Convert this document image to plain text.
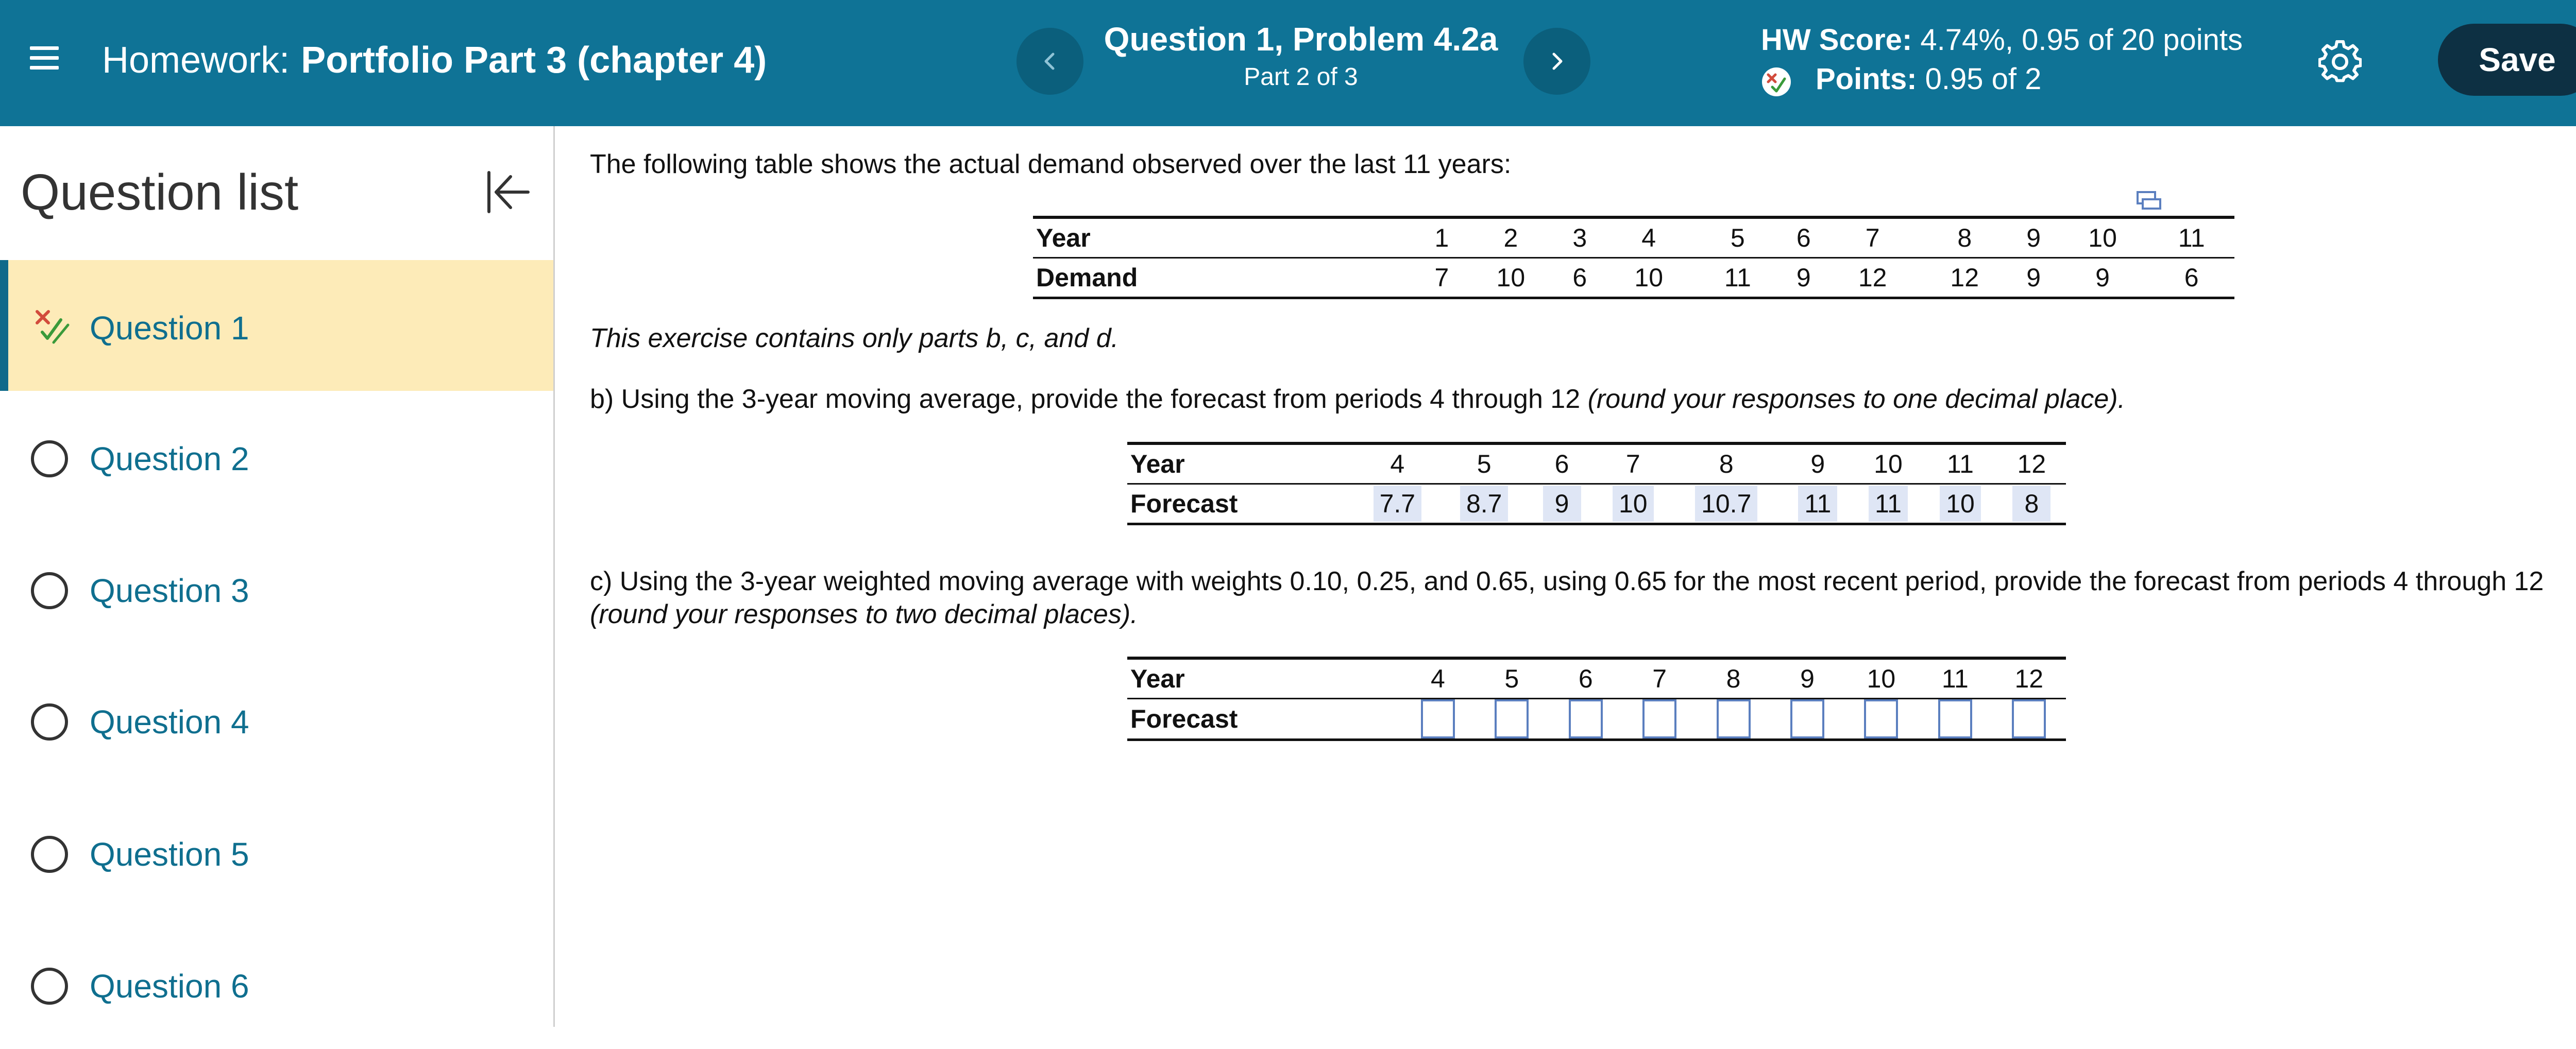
Homework: Portfolio Part 3 (chapter 4)
Question 1, Problem 4.2a
Part 2 of 3
HW Score: 4.74%, 0.95 of 20 points
Points: 0.95 of 2
Save
Question list
Question 1
Question 2
Question 3
Question 4
Question 5
Question 6
The following table shows the actual demand observed over the last 11 years:
Year	1	2	3	4	5	6	7	8	9	10	11
Demand	7	10	6	10	11	9	12	12	9	9	6
This exercise contains only parts b, c, and d.
b) Using the 3-year moving average, provide the forecast from periods 4 through 12 (round your responses to one decimal place).
Year	4	5	6	7	8	9	10	11	12
Forecast	7.7	8.7	9	10	10.7	11	11	10	8
c) Using the 3-year weighted moving average with weights 0.10, 0.25, and 0.65, using 0.65 for the most recent period, provide the forecast from periods 4 through 12 (round your responses to two decimal places).
Year	4	5	6	7	8	9	10	11	12
Forecast									
